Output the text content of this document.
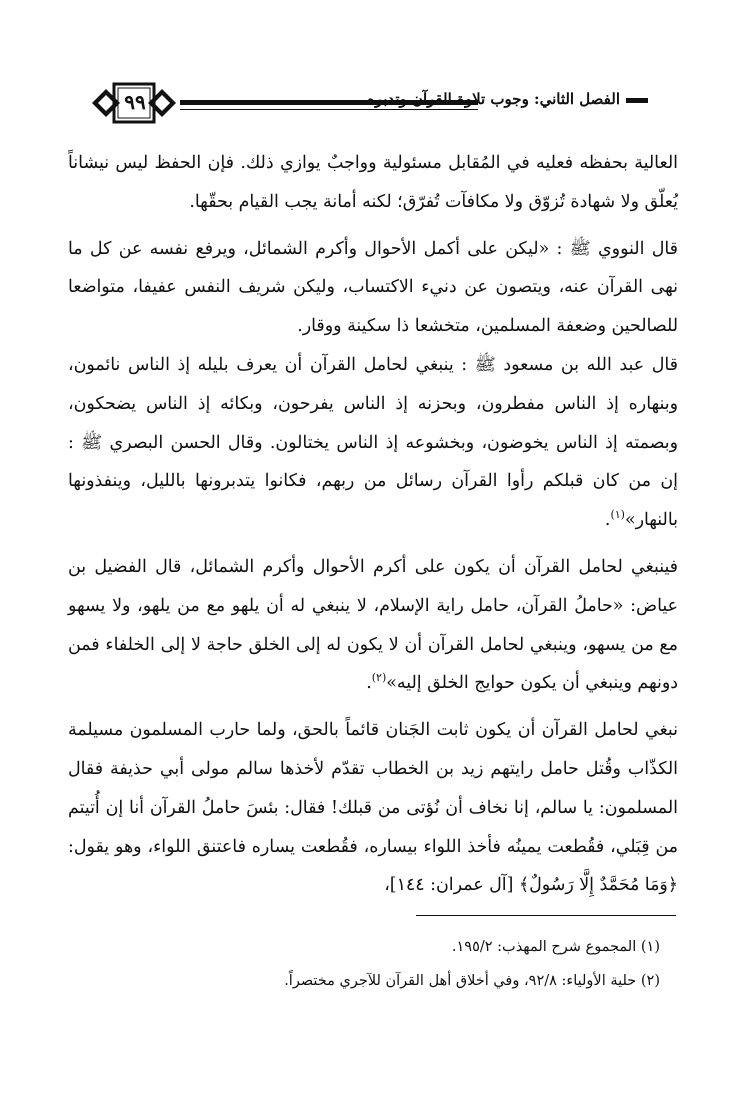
٩٩	الفصل الثاني: وجوب تلاوة القرآن وتدبره

العالية بحفظه فعليه في المُقابل مسئولية وواجبٌ يوازي ذلك. فإن الحفظ ليس نيشاناً يُعلّق ولا شهادة تُزوّق ولا مكافآت تُفرّق؛ لكنه أمانة يجب القيام بحقّها.

قال النووي ﷺ : «ليكن على أكمل الأحوال وأكرم الشمائل، ويرفع نفسه عن كل ما نهى القرآن عنه، ويتصون عن دنيء الاكتساب، وليكن شريف النفس عفيفا، متواضعا للصالحين وضعفة المسلمين، متخشعا ذا سكينة ووقار.

قال عبد الله بن مسعود ﷺ : ينبغي لحامل القرآن أن يعرف بليله إذ الناس نائمون، وبنهاره إذ الناس مفطرون، وبحزنه إذ الناس يفرحون، وبكائه إذ الناس يضحكون، وبصمته إذ الناس يخوضون، وبخشوعه إذ الناس يختالون. وقال الحسن البصري ﷺ : إن من كان قبلكم رأوا القرآن رسائل من ربهم، فكانوا يتدبرونها بالليل، وينفذونها بالنهار»$^{(١)}$.

فينبغي لحامل القرآن أن يكون على أكرم الأحوال وأكرم الشمائل، قال الفضيل بن عياض: «حاملُ القرآن، حامل راية الإسلام، لا ينبغي له أن يلهو مع من يلهو، ولا يسهو مع من يسهو، وينبغي لحامل القرآن أن لا يكون له إلى الخلق حاجة لا إلى الخلفاء فمن دونهم وينبغي أن يكون حوايج الخلق إليه»$^{(٢)}$.

نبغي لحامل القرآن أن يكون ثابت الجَنان قائماً بالحق، ولما حارب المسلمون مسيلمة الكذّاب وقُتل حامل رايتهم زيد بن الخطاب تقدّم لأخذها سالم مولى أبي حذيفة فقال المسلمون: يا سالم، إنا نخاف أن نُؤتى من قبلك! فقال: بئسَ حاملُ القرآن أنا إن أُتيتم من قِبَلي، فقُطعت يمينُه فأخذ اللواء بيساره، فقُطعت يساره فاعتنق اللواء، وهو يقول: ﴿وَمَا مُحَمَّدٌ إِلَّا رَسُولٌ﴾ [آل عمران: ١٤٤]،

(١) المجموع شرح المهذب: ١٩٥/٢.

(٢) حلية الأولياء: ٩٢/٨، وفي أخلاق أهل القرآن للآجري مختصراً.
